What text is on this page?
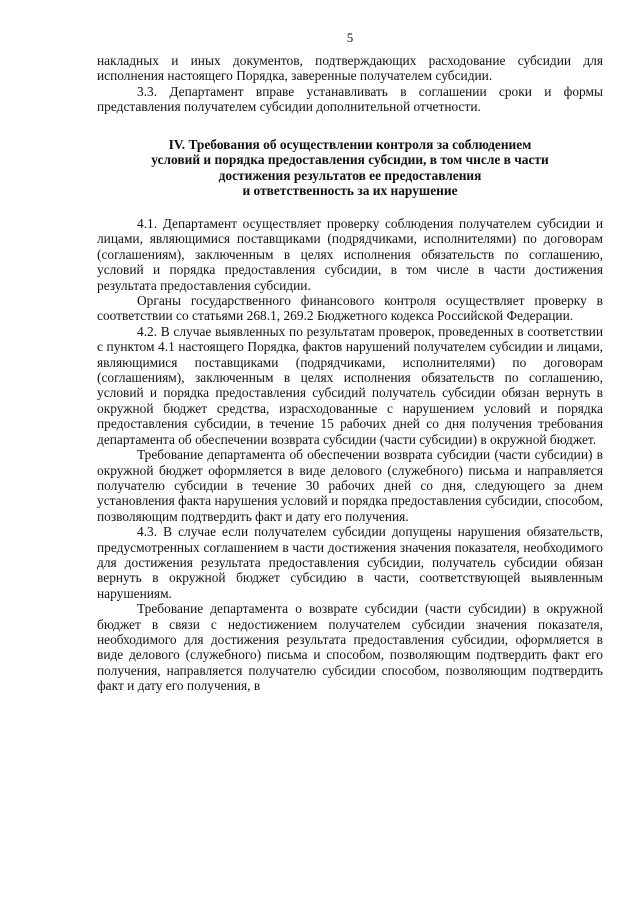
5

накладных и иных документов, подтверждающих расходование субсидии для исполнения настоящего Порядка, заверенные получателем субсидии.

3.3. Департамент вправе устанавливать в соглашении сроки и формы представления получателем субсидии дополнительной отчетности.

IV. Требования об осуществлении контроля за соблюдением
условий и порядка предоставления субсидии, в том числе в части
достижения результатов ее предоставления
и ответственность за их нарушение

4.1. Департамент осуществляет проверку соблюдения получателем субсидии и лицами, являющимися поставщиками (подрядчиками, исполнителями) по договорам (соглашениям), заключенным в целях исполнения обязательств по соглашению, условий и порядка предоставления субсидии, в том числе в части достижения результата предоставления субсидии.

Органы государственного финансового контроля осуществляет проверку в соответствии со статьями 268.1, 269.2 Бюджетного кодекса Российской Федерации.

4.2. В случае выявленных по результатам проверок, проведенных в соответствии с пунктом 4.1 настоящего Порядка, фактов нарушений получателем субсидии и лицами, являющимися поставщиками (подрядчиками, исполнителями) по договорам (соглашениям), заключенным в целях исполнения обязательств по соглашению, условий и порядка предоставления субсидий получатель субсидии обязан вернуть в окружной бюджет средства, израсходованные с нарушением условий и порядка предоставления субсидии, в течение 15 рабочих дней со дня получения требования департамента об обеспечении возврата субсидии (части субсидии) в окружной бюджет.

Требование департамента об обеспечении возврата субсидии (части субсидии) в окружной бюджет оформляется в виде делового (служебного) письма и направляется получателю субсидии в течение 30 рабочих дней со дня, следующего за днем установления факта нарушения условий и порядка предоставления субсидии, способом, позволяющим подтвердить факт и дату его получения.

4.3. В случае если получателем субсидии допущены нарушения обязательств, предусмотренных соглашением в части достижения значения показателя, необходимого для достижения результата предоставления субсидии, получатель субсидии обязан вернуть в окружной бюджет субсидию в части, соответствующей выявленным нарушениям.

Требование департамента о возврате субсидии (части субсидии) в окружной бюджет в связи с недостижением получателем субсидии значения показателя, необходимого для достижения результата предоставления субсидии, оформляется в виде делового (служебного) письма и способом, позволяющим подтвердить факт его получения, направляется получателю субсидии способом, позволяющим подтвердить факт и дату его получения, в
